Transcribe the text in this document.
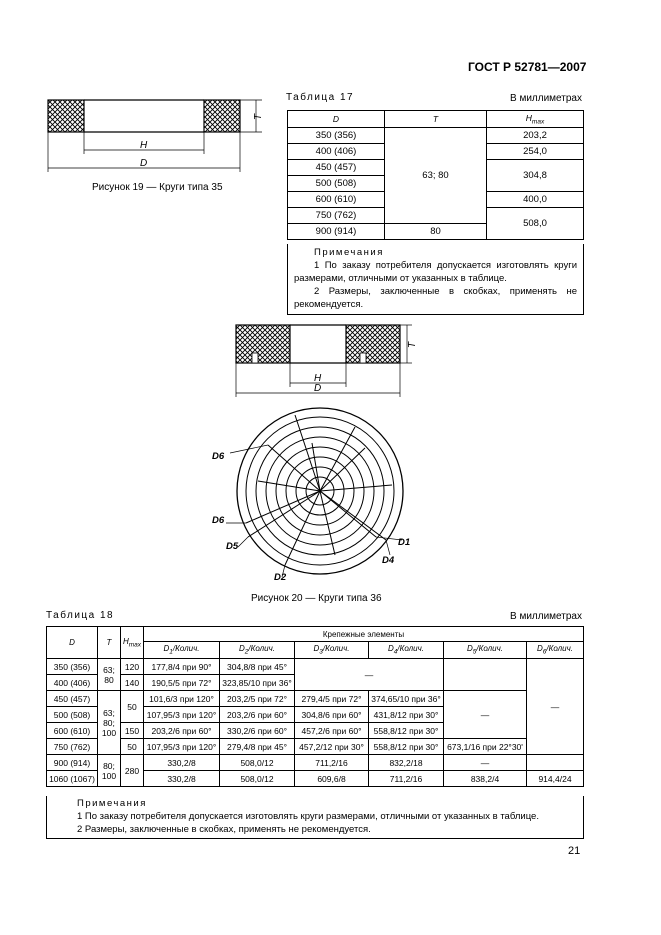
ГОСТ Р 52781—2007
T
H
D
Рисунок 19 — Круги типа 35
Таблица 17	В миллиметрах
D	T	$H_{max}$
350 (356)	63; 80	203,2
400 (406)		254,0
450 (457)		304,8
500 (508)		
600 (610)		400,0
750 (762)		508,0
900 (914)	80	
Примечания
1 По заказу потребителя допускается изготовлять круги размерами, отличными от указанных в таблице.
2 Размеры, заключенные в скобках, применять не рекомендуется.
T
H
D
D6
D6
D5
D2
D4
D1
Рисунок 20 — Круги типа 36
Таблица 18	В миллиметрах
D	T	$H_{max}$	Крепежные элементы					
			$D_1$/Колич.	$D_2$/Колич.	$D_3$/Колич.	$D_4$/Колич.	$D_5$/Колич.	$D_6$/Колич.
350 (356)	63; 80	120	177,8/4 при 90°	304,8/8 при 45°	—			—
400 (406)		140	190,5/5 при 72°	323,85/10 при 36°				
450 (457)	63; 80; 100	50	101,6/3 при 120°	203,2/5 при 72°	279,4/5 при 72°	374,65/10 при 36°	—	
500 (508)			107,95/3 при 120°	203,2/6 при 60°	304,8/6 при 60°	431,8/12 при 30°		
600 (610)		150	203,2/6 при 60°	330,2/6 при 60°	457,2/6 при 60°	558,8/12 при 30°		
750 (762)		50	107,95/3 при 120°	279,4/8 при 45°	457,2/12 при 30°	558,8/12 при 30°	673,1/16 при 22°30'	
900 (914)	80; 100	280	330,2/8	508,0/12	711,2/16	832,2/18	—	
1060 (1067)			330,2/8	508,0/12	609,6/8	711,2/16	838,2/4	914,4/24
Примечания
1 По заказу потребителя допускается изготовлять круги размерами, отличными от указанных в таблице.
2 Размеры, заключенные в скобках, применять не рекомендуется.
21
